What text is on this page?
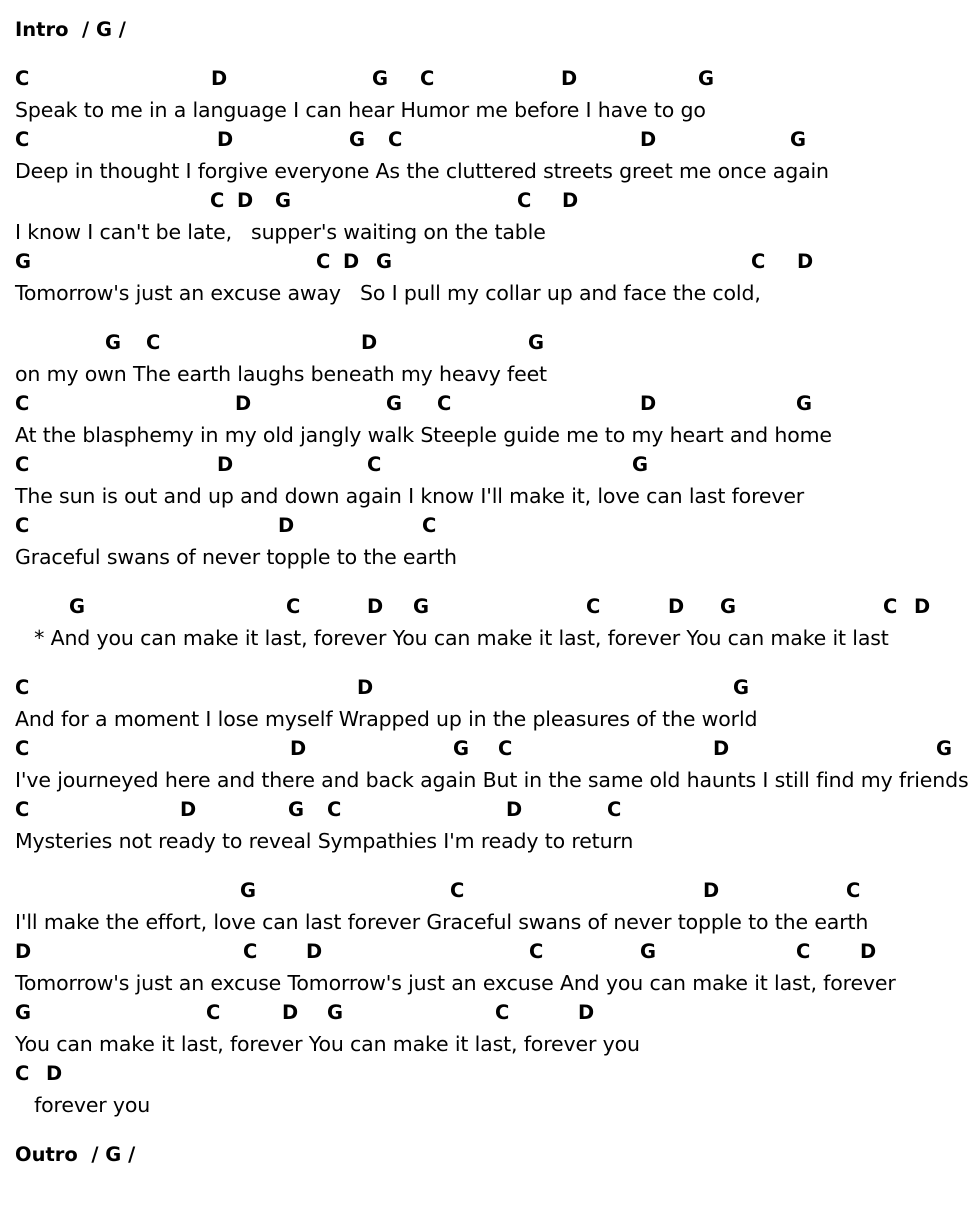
Intro  / G /
C	D	G C	D	G
Speak to me in a language I can hear Humor me before I have to go
C	D	G C	D	G
Deep in thought I forgive everyone As the cluttered streets greet me once again
C D G	C D
I know I can't be late,   supper's waiting on the table
G	C D G	C D
Tomorrow's just an excuse away   So I pull my collar up and face the cold,
G C	D	G
on my own The earth laughs beneath my heavy feet
C	D	G C	D	G
At the blasphemy in my old jangly walk Steeple guide me to my heart and home
C	D	C	G
The sun is out and up and down again I know I'll make it, love can last forever
C	D	C
Graceful swans of never topple to the earth
G	C	D G	C	D G	C D
* And you can make it last, forever You can make it last, forever You can make it last
C	D	G
And for a moment I lose myself Wrapped up in the pleasures of the world
C	D	G C	D	G
I've journeyed here and there and back again But in the same old haunts I still find my friends
C	D	G C	D	C
Mysteries not ready to reveal Sympathies I'm ready to return
G	C	D	C
I'll make the effort, love can last forever Graceful swans of never topple to the earth
D	C D	C	G	C	D
Tomorrow's just an excuse Tomorrow's just an excuse And you can make it last, forever
G	C	D G	C	D
You can make it last, forever You can make it last, forever you
C D
forever you
Outro  / G /
